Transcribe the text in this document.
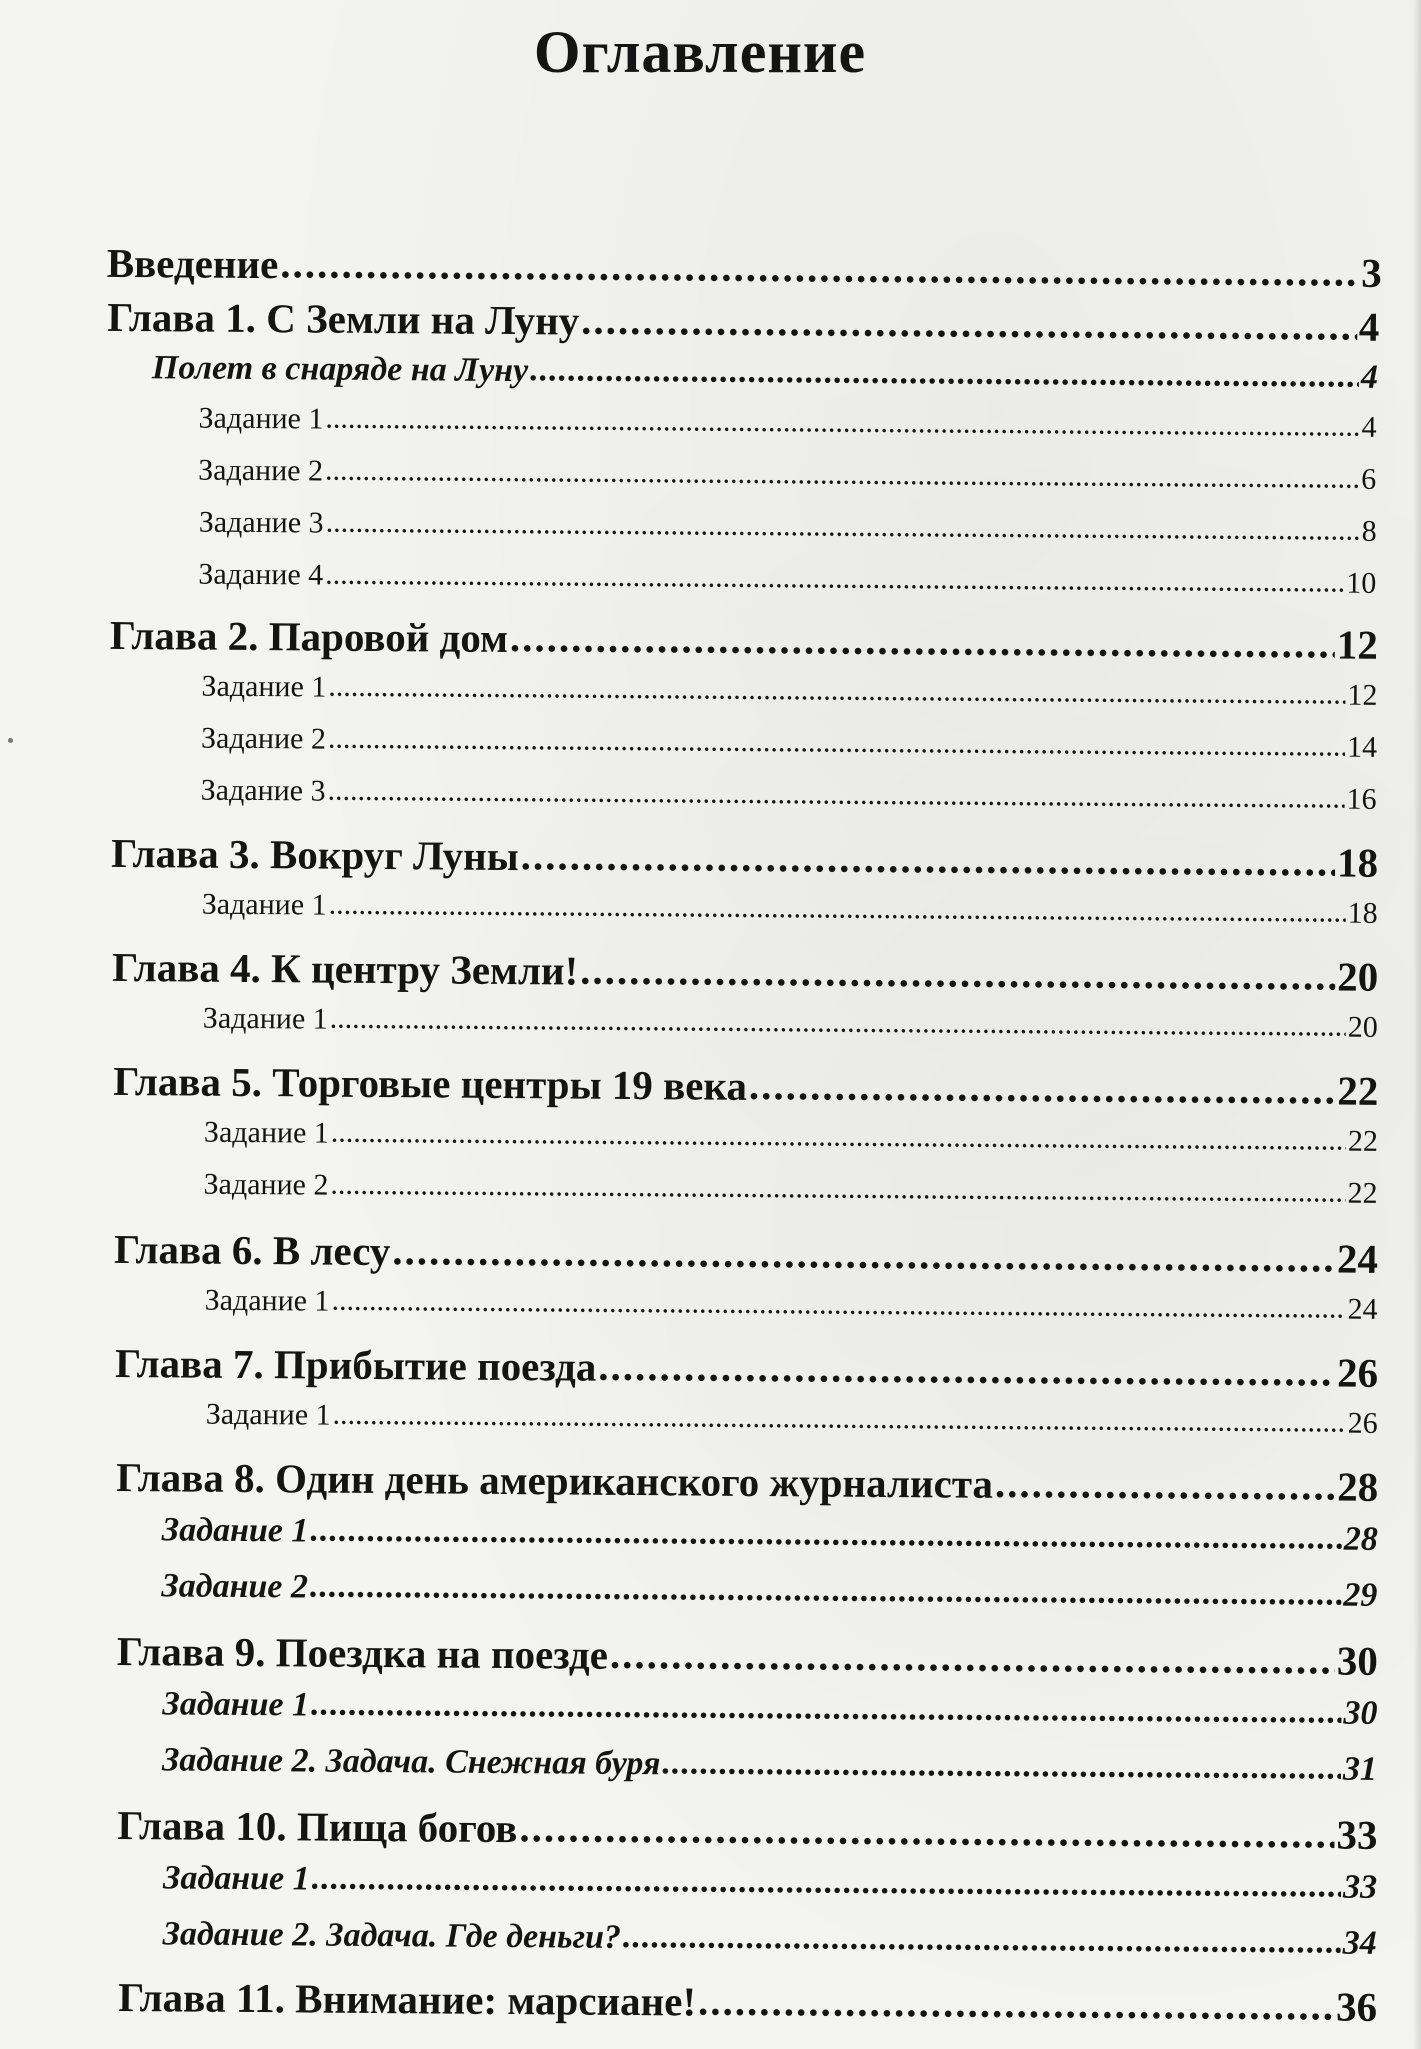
Оглавление
Введение .....	3
Глава 1. С Земли на Луну .....	4
Полет в снаряде на Луну .....	4
Задание 1 .....	4
Задание 2 .....	6
Задание 3 .....	8
Задание 4 .....	10
Глава 2. Паровой дом .....	12
Задание 1 .....	12
Задание 2 .....	14
Задание 3 .....	16
Глава 3. Вокруг Луны .....	18
Задание 1 .....	18
Глава 4. К центру Земли! .....	20
Задание 1 .....	20
Глава 5. Торговые центры 19 века .....	22
Задание 1 .....	22
Задание 2 .....	22
Глава 6. В лесу .....	24
Задание 1 .....	24
Глава 7. Прибытие поезда .....	26
Задание 1 .....	26
Глава 8. Один день американского журналиста .....	28
Задание 1 .....	28
Задание 2 .....	29
Глава 9. Поездка на поезде .....	30
Задание 1 .....	30
Задание 2. Задача. Снежная буря .....	31
Глава 10. Пища богов .....	33
Задание 1 .....	33
Задание 2. Задача. Где деньги? .....	34
Глава 11. Внимание: марсиане! .....	36
